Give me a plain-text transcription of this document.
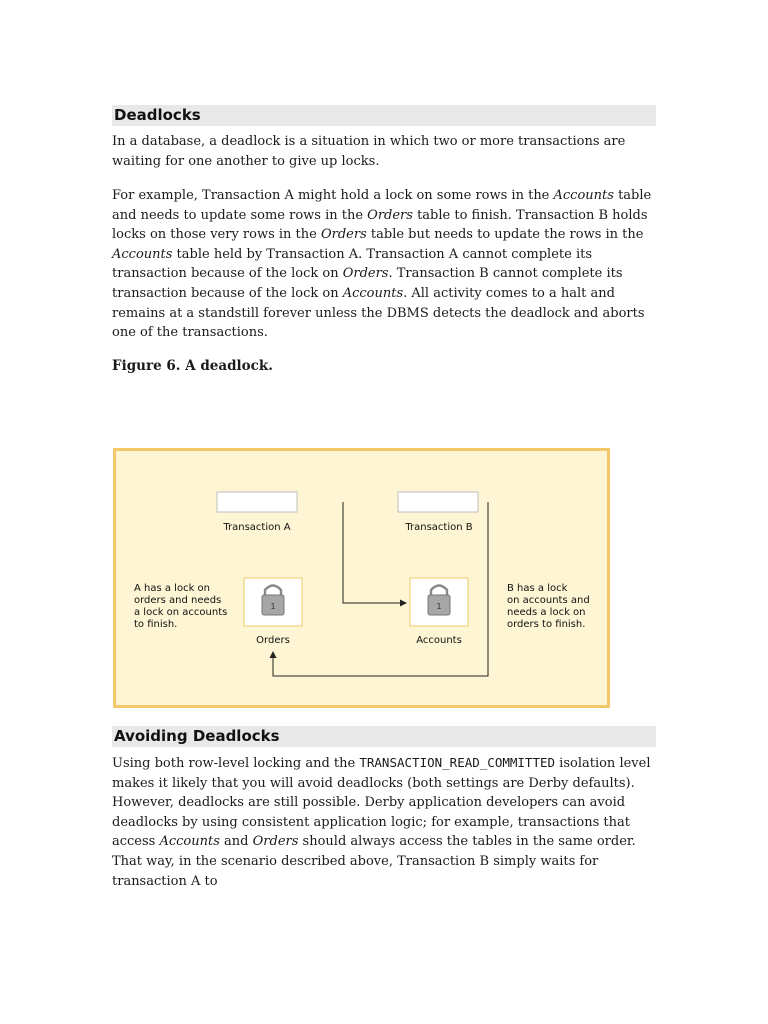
Deadlocks

In a database, a deadlock is a situation in which two or more transactions are waiting for one another to give up locks.

For example, Transaction A might hold a lock on some rows in the Accounts table and needs to update some rows in the Orders table to finish. Transaction B holds locks on those very rows in the Orders table but needs to update the rows in the Accounts table held by Transaction A. Transaction A cannot complete its transaction because of the lock on Orders. Transaction B cannot complete its transaction because of the lock on Accounts. All activity comes to a halt and remains at a standstill forever unless the DBMS detects the deadlock and aborts one of the transactions.

Figure 6. A deadlock.

Transaction A	Transaction B
1
Orders
1
Accounts
A has a lock on
orders and needs
a lock on accounts
to finish.
B has a lock
on accounts and
needs a lock on
orders to finish.
Avoiding Deadlocks

Using both row-level locking and the TRANSACTION_READ_COMMITTED isolation level makes it likely that you will avoid deadlocks (both settings are Derby defaults). However, deadlocks are still possible. Derby application developers can avoid deadlocks by using consistent application logic; for example, transactions that access Accounts and Orders should always access the tables in the same order. That way, in the scenario described above, Transaction B simply waits for transaction A to
